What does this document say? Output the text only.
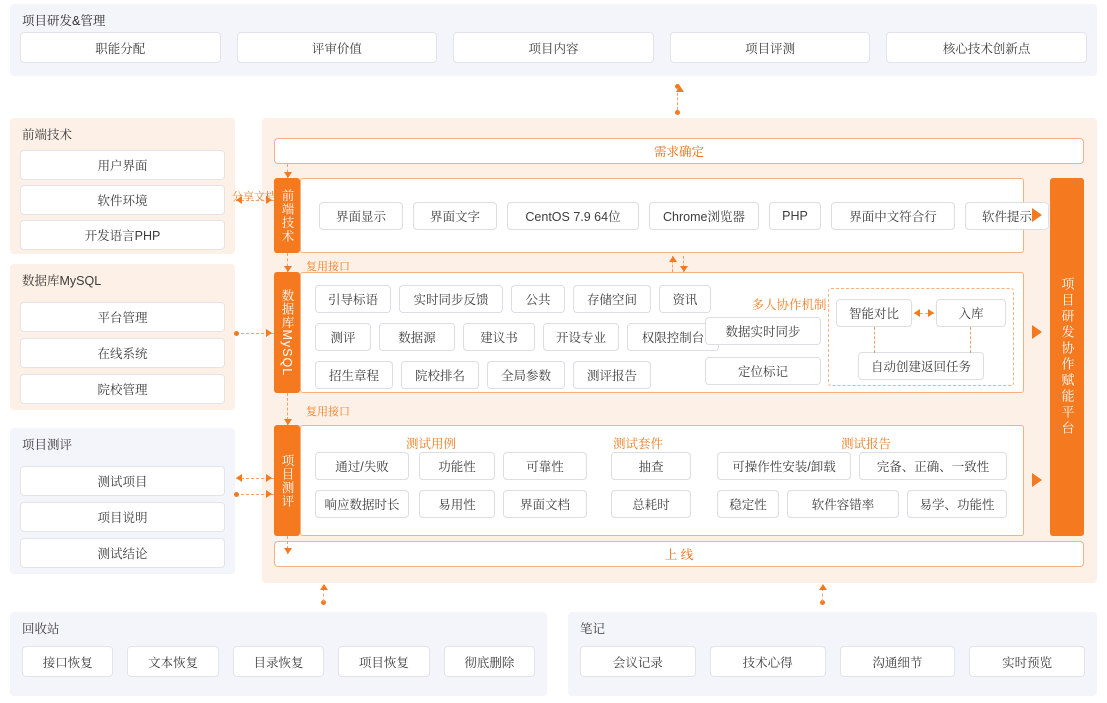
项目研发&管理
职能分配	评审价值	项目内容	项目评测	核心技术创新点
前端技术
用户界面
软件环境
开发语言PHP
数据库MySQL
平台管理
在线系统
院校管理
项目测评
测试项目
项目说明
测试结论
需求确定
上 线
前端技术
数据库MySQL
项目测评
界面显示	界面文字	CentOS 7.9 64位	Chrome浏览器	PHP	界面中文符合行	软件提示
引导标语	实时同步反馈	公共	存储空间	资讯
测评	数据源	建议书	开设专业	权限控制台
招生章程	院校排名	全局参数	测评报告
多人协作机制
数据实时同步
定位标记
智能对比	入库
自动创建返回任务
测试用例	测试套件	测试报告
通过/失败	功能性	可靠性
响应数据时长	易用性	界面文档
抽查
总耗时
可操作性安装/卸载	完备、正确、一致性
稳定性	软件容错率	易学、功能性
项目研发协作赋能平台
分享文档
复用接口
复用接口
回收站
接口恢复	文本恢复	目录恢复	项目恢复	彻底删除
笔记
会议记录	技术心得	沟通细节	实时预览
